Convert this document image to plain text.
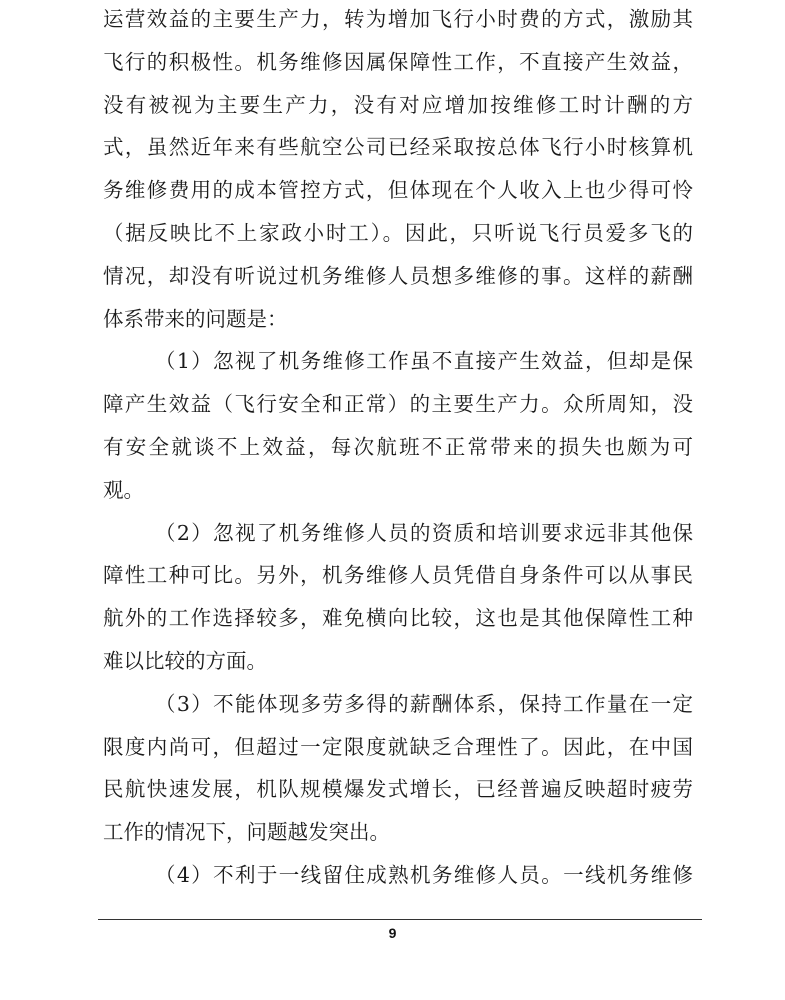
运营效益的主要生产力，转为增加飞行小时费的方式，激励其
飞行的积极性。机务维修因属保障性工作，不直接产生效益，
没有被视为主要生产力，没有对应增加按维修工时计酬的方
式，虽然近年来有些航空公司已经采取按总体飞行小时核算机
务维修费用的成本管控方式，但体现在个人收入上也少得可怜
（据反映比不上家政小时工）。因此，只听说飞行员爱多飞的
情况，却没有听说过机务维修人员想多维修的事。这样的薪酬
体系带来的问题是：
（1）忽视了机务维修工作虽不直接产生效益，但却是保
障产生效益（飞行安全和正常）的主要生产力。众所周知，没
有安全就谈不上效益，每次航班不正常带来的损失也颇为可
观。
（2）忽视了机务维修人员的资质和培训要求远非其他保
障性工种可比。另外，机务维修人员凭借自身条件可以从事民
航外的工作选择较多，难免横向比较，这也是其他保障性工种
难以比较的方面。
（3）不能体现多劳多得的薪酬体系，保持工作量在一定
限度内尚可，但超过一定限度就缺乏合理性了。因此，在中国
民航快速发展，机队规模爆发式增长，已经普遍反映超时疲劳
工作的情况下，问题越发突出。
（4）不利于一线留住成熟机务维修人员。一线机务维修
9
